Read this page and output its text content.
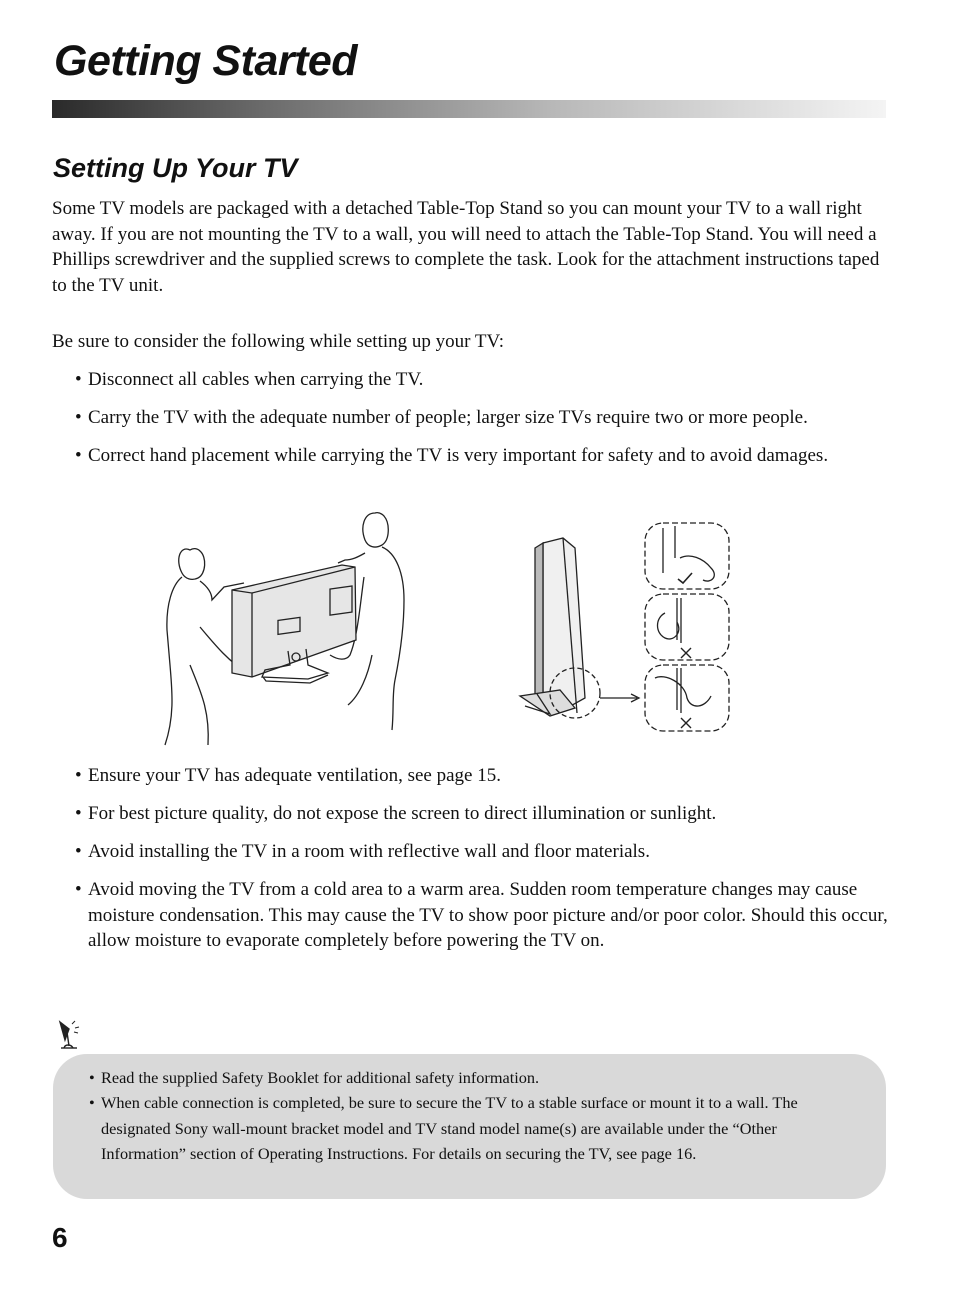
Getting Started
Setting Up Your TV

Some TV models are packaged with a detached Table-Top Stand so you can mount your TV to a wall right away. If you are not mounting the TV to a wall, you will need to attach the Table-Top Stand. You will need a Phillips screwdriver and the supplied screws to complete the task. Look for the attachment instructions taped to the TV unit.

Be sure to consider the following while setting up your TV:

• Disconnect all cables when carrying the TV.
• Carry the TV with the adequate number of people; larger size TVs require two or more people.
• Correct hand placement while carrying the TV is very important for safety and to avoid damages.
• Ensure your TV has adequate ventilation, see page 15.
• For best picture quality, do not expose the screen to direct illumination or sunlight.
• Avoid installing the TV in a room with reflective wall and floor materials.
• Avoid moving the TV from a cold area to a warm area. Sudden room temperature changes may cause moisture condensation. This may cause the TV to show poor picture and/or poor color. Should this occur, allow moisture to evaporate completely before powering the TV on.
• Read the supplied Safety Booklet for additional safety information.
• When cable connection is completed, be sure to secure the TV to a stable surface or mount it to a wall. The designated Sony wall-mount bracket model and TV stand model name(s) are available under the “Other Information” section of Operating Instructions. For details on securing the TV, see page 16.
6
